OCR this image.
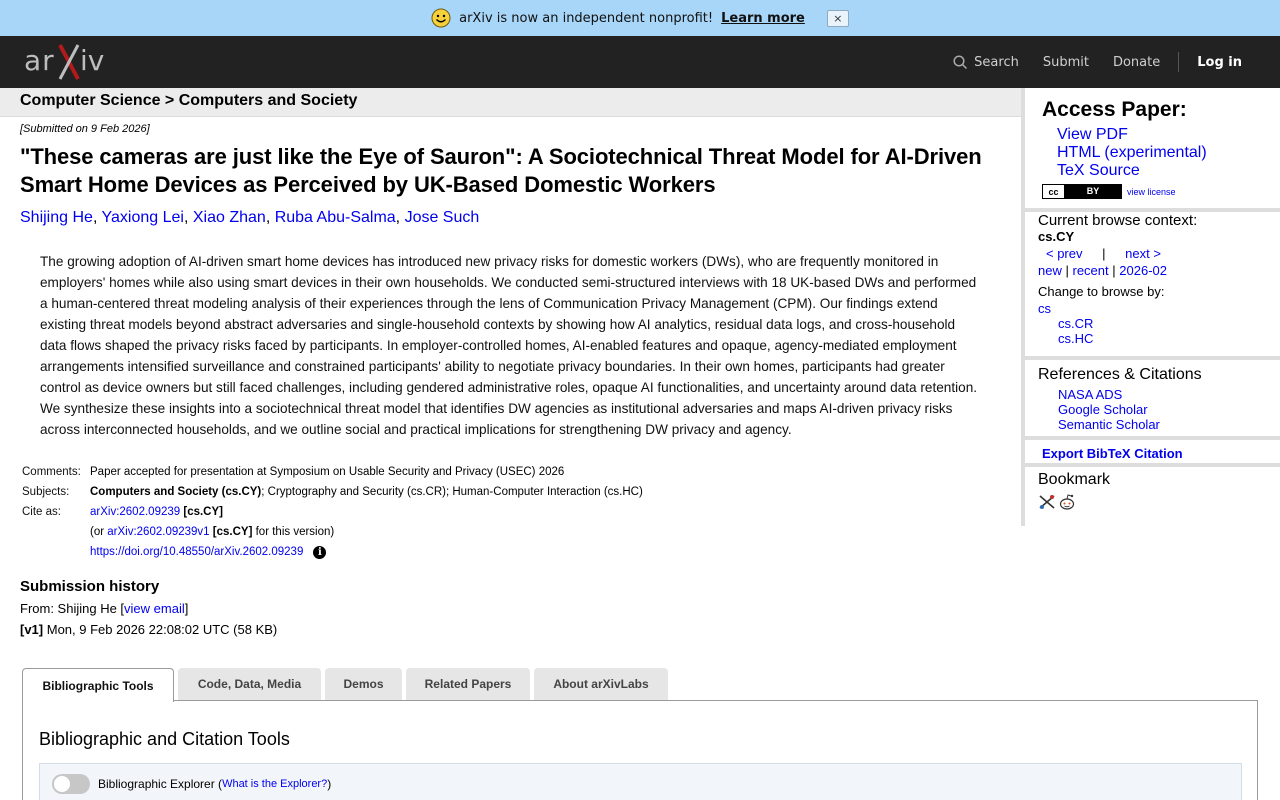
arXiv is now an independent nonprofit! Learn more	×
ar iv	Search Submit Donate	Log in
Computer Science > Computers and Society
[Submitted on 9 Feb 2026]
"These cameras are just like the Eye of Sauron": A Sociotechnical Threat Model for AI-Driven Smart Home Devices as Perceived by UK-Based Domestic Workers
Shijing He, Yaxiong Lei, Xiao Zhan, Ruba Abu-Salma, Jose Such
The growing adoption of AI-driven smart home devices has introduced new privacy risks for domestic workers (DWs), who are frequently monitored in employers' homes while also using smart devices in their own households. We conducted semi-structured interviews with 18 UK-based DWs and performed a human-centered threat modeling analysis of their experiences through the lens of Communication Privacy Management (CPM). Our findings extend existing threat models beyond abstract adversaries and single-household contexts by showing how AI analytics, residual data logs, and cross-household data flows shaped the privacy risks faced by participants. In employer-controlled homes, AI-enabled features and opaque, agency-mediated employment arrangements intensified surveillance and constrained participants' ability to negotiate privacy boundaries. In their own homes, participants had greater control as device owners but still faced challenges, including gendered administrative roles, opaque AI functionalities, and uncertainty around data retention. We synthesize these insights into a sociotechnical threat model that identifies DW agencies as institutional adversaries and maps AI-driven privacy risks across interconnected households, and we outline social and practical implications for strengthening DW privacy and agency.
Comments:	Paper accepted for presentation at Symposium on Usable Security and Privacy (USEC) 2026
Subjects:	Computers and Society (cs.CY); Cryptography and Security (cs.CR); Human-Computer Interaction (cs.HC)
Cite as:	arXiv:2602.09239 [cs.CY]
	(or arXiv:2602.09239v1 [cs.CY] for this version)
	https://doi.org/10.48550/arXiv.2602.09239 i
Submission history

From: Shijing He [view email]

[v1] Mon, 9 Feb 2026 22:08:02 UTC (58 KB)

Bibliographic Tools	Code, Data, Media	Demos	Related Papers	About arXivLabs
Bibliographic and Citation Tools
Bibliographic Explorer ( What is the Explorer? )
Access Paper:
View PDF
HTML (experimental)
TeX Source
cc	BY	view license
Current browse context:
cs.CY
< prev | next >
new | recent | 2026-02
Change to browse by:
cs
cs.CR
cs.HC
References & Citations
NASA ADS
Google Scholar
Semantic Scholar
Export BibTeX Citation
Bookmark
